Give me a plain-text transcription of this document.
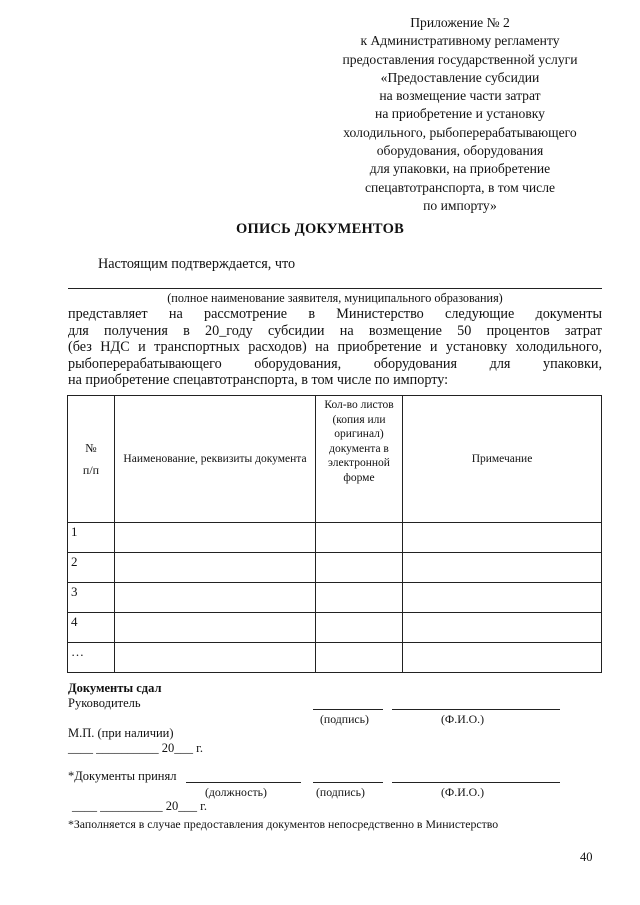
Приложение № 2
к Административному регламенту
предоставления государственной услуги
«Предоставление субсидии
на возмещение части затрат
на приобретение и установку
холодильного, рыбоперерабатывающего
оборудования, оборудования
для упаковки, на приобретение
спецавтотранспорта, в том числе
по импорту»
ОПИСЬ ДОКУМЕНТОВ
Настоящим подтверждается, что
(полное наименование заявителя, муниципального образования)
представляет на рассмотрение в Министерство следующие документы
для получения в 20_году субсидии на возмещение 50 процентов затрат
(без НДС и транспортных расходов) на приобретение и установку холодильного,
рыбоперерабатывающего оборудования, оборудования для упаковки,
на приобретение спецавтотранспорта, в том числе по импорту:
№
п/п	Наименование, реквизиты документа	Кол-во листов (копия или оригинал) документа в электронной форме	Примечание
1			
2			
3			
4			
…			
Документы сдал
Руководитель
(подпись)	(Ф.И.О.)
М.П. (при наличии)
____ __________ 20___ г.
*Документы принял
(должность)	(подпись)	(Ф.И.О.)
____ __________ 20___ г.
*Заполняется в случае предоставления документов непосредственно в Министерство
40
